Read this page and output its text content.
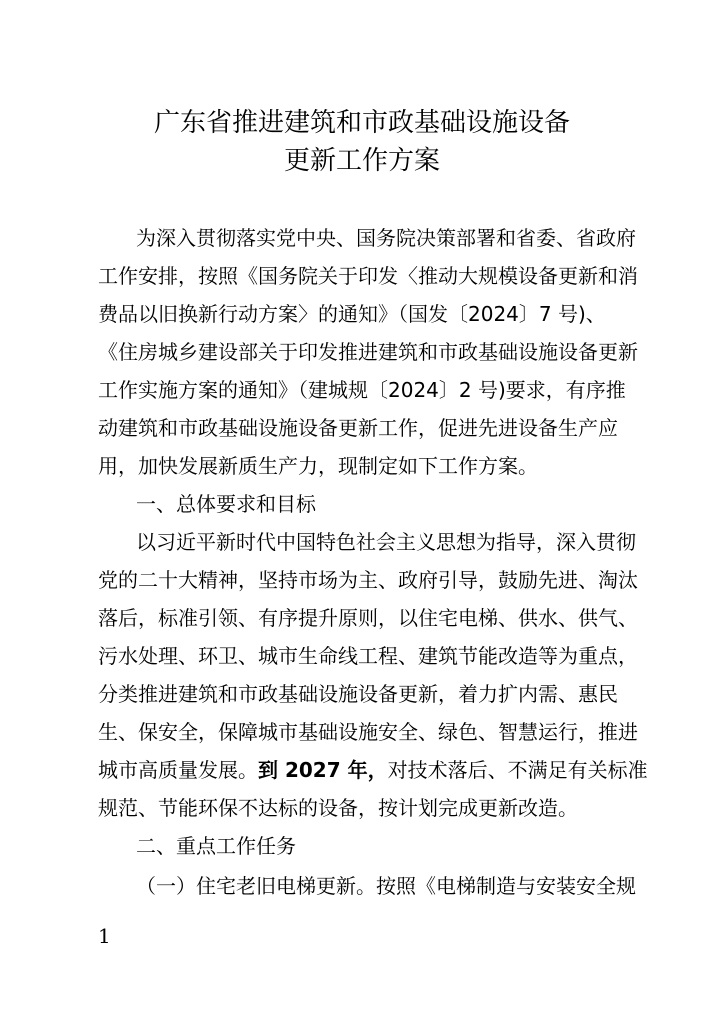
广东省推进建筑和市政基础设施设备
更新工作方案
为深入贯彻落实党中央、国务院决策部署和省委、省政府
工作安排，按照《国务院关于印发〈推动大规模设备更新和消
费品以旧换新行动方案〉的通知》（国发〔2024〕7 号)、
《住房城乡建设部关于印发推进建筑和市政基础设施设备更新
工作实施方案的通知》（建城规〔2024〕2 号)要求，有序推
动建筑和市政基础设施设备更新工作，促进先进设备生产应
用，加快发展新质生产力，现制定如下工作方案。
一、总体要求和目标
以习近平新时代中国特色社会主义思想为指导，深入贯彻
党的二十大精神，坚持市场为主、政府引导，鼓励先进、淘汰
落后，标准引领、有序提升原则，以住宅电梯、供水、供气、
污水处理、环卫、城市生命线工程、建筑节能改造等为重点，
分类推进建筑和市政基础设施设备更新，着力扩内需、惠民
生、保安全，保障城市基础设施安全、绿色、智慧运行，推进
城市高质量发展。到 2027 年，对技术落后、不满足有关标准
规范、节能环保不达标的设备，按计划完成更新改造。
二、重点工作任务
（一）住宅老旧电梯更新。按照《电梯制造与安装安全规
1
